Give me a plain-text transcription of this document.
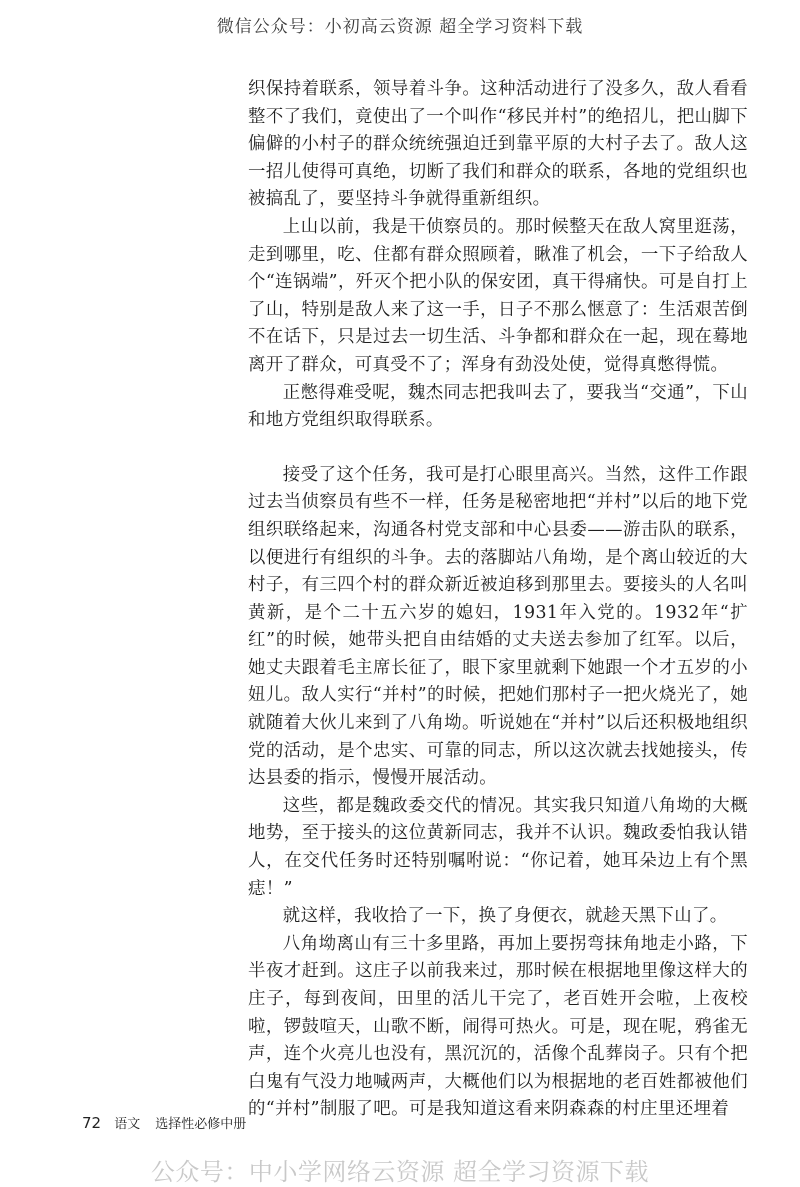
微信公众号：小初高云资源 超全学习资料下载

织保持着联系，领导着斗争。这种活动进行了没多久，敌人看看整不了我们，竟使出了一个叫作“移民并村”的绝招儿，把山脚下偏僻的小村子的群众统统强迫迁到靠平原的大村子去了。敌人这一招儿使得可真绝，切断了我们和群众的联系，各地的党组织也被搞乱了，要坚持斗争就得重新组织。

上山以前，我是干侦察员的。那时候整天在敌人窝里逛荡，走到哪里，吃、住都有群众照顾着，瞅准了机会，一下子给敌人个“连锅端”，歼灭个把小队的保安团，真干得痛快。可是自打上了山，特别是敌人来了这一手，日子不那么惬意了：生活艰苦倒不在话下，只是过去一切生活、斗争都和群众在一起，现在蓦地离开了群众，可真受不了；浑身有劲没处使，觉得真憋得慌。

正憋得难受呢，魏杰同志把我叫去了，要我当“交通”，下山和地方党组织取得联系。

接受了这个任务，我可是打心眼里高兴。当然，这件工作跟过去当侦察员有些不一样，任务是秘密地把“并村”以后的地下党组织联络起来，沟通各村党支部和中心县委——游击队的联系，以便进行有组织的斗争。去的落脚站八角坳，是个离山较近的大村子，有三四个村的群众新近被迫移到那里去。要接头的人名叫黄新，是个二十五六岁的媳妇，1931年入党的。1932年“扩红”的时候，她带头把自由结婚的丈夫送去参加了红军。以后，她丈夫跟着毛主席长征了，眼下家里就剩下她跟一个才五岁的小妞儿。敌人实行“并村”的时候，把她们那村子一把火烧光了，她就随着大伙儿来到了八角坳。听说她在“并村”以后还积极地组织党的活动，是个忠实、可靠的同志，所以这次就去找她接头，传达县委的指示，慢慢开展活动。

这些，都是魏政委交代的情况。其实我只知道八角坳的大概地势，至于接头的这位黄新同志，我并不认识。魏政委怕我认错人，在交代任务时还特别嘱咐说：“你记着，她耳朵边上有个黑痣！”

就这样，我收拾了一下，换了身便衣，就趁天黑下山了。

八角坳离山有三十多里路，再加上要拐弯抹角地走小路，下半夜才赶到。这庄子以前我来过，那时候在根据地里像这样大的庄子，每到夜间，田里的活儿干完了，老百姓开会啦，上夜校啦，锣鼓喧天，山歌不断，闹得可热火。可是，现在呢，鸦雀无声，连个火亮儿也没有，黑沉沉的，活像个乱葬岗子。只有个把白鬼有气没力地喊两声，大概他们以为根据地的老百姓都被他们的“并村”制服了吧。可是我知道这看来阴森森的村庄里还埋着

72 语文 选择性必修中册
公众号：中小学网络云资源 超全学习资源下载
